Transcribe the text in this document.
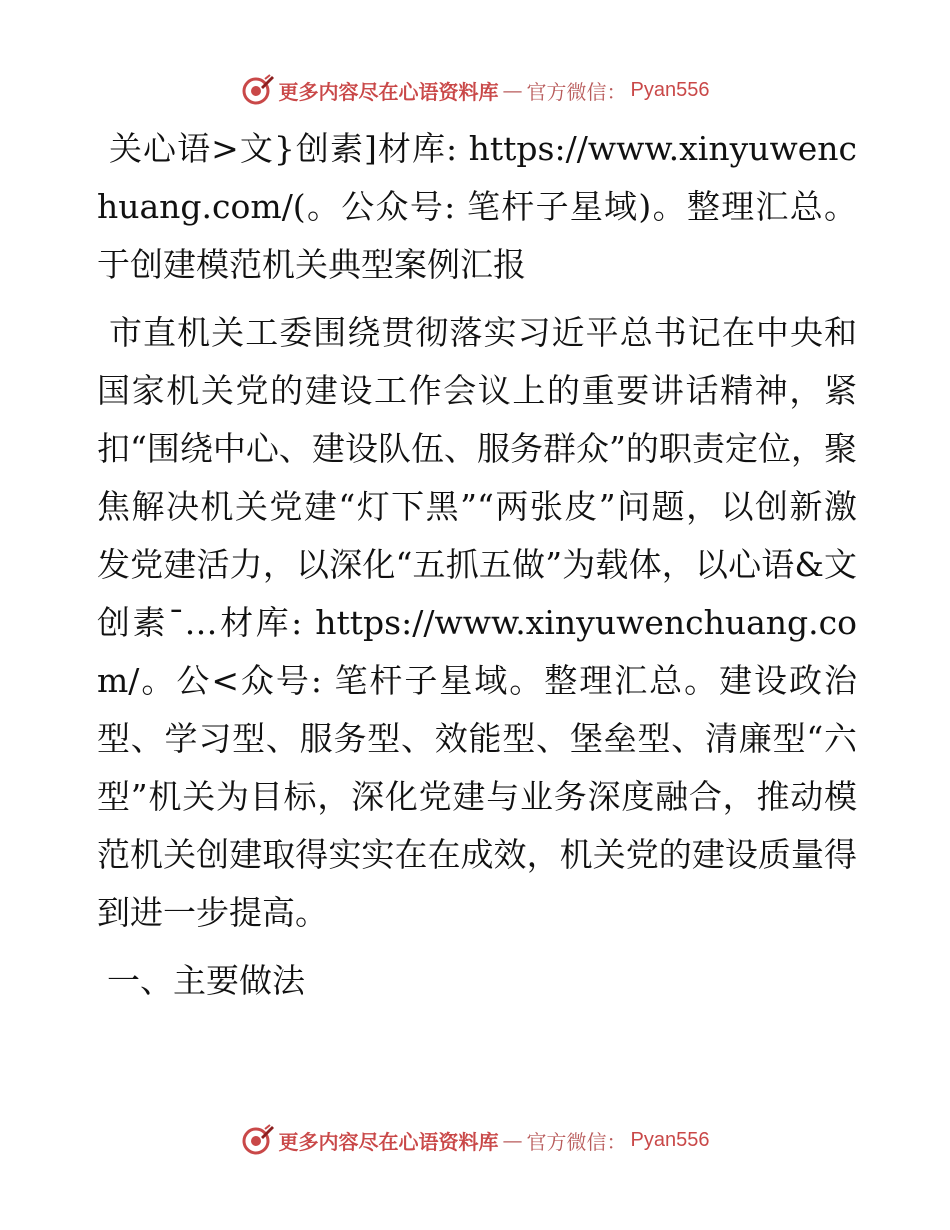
更多内容尽在心语资料库 — 官方微信： Pyan556

关心语>文}创素]材库: https://www.xinyuwenchuang.com/(。公众号: 笔杆子星域)。整理汇总。于创建模范机关典型案例汇报

市直机关工委围绕贯彻落实习近平总书记在中央和国家机关党的建设工作会议上的重要讲话精神，紧扣“围绕中心、建设队伍、服务群众”的职责定位，聚焦解决机关党建“灯下黑”“两张皮”问题，以创新激发党建活力，以深化“五抓五做”为载体，以心语&文创素¯…材库: https://www.xinyuwenchuang.com/。公<众号: 笔杆子星域。整理汇总。建设政治型、学习型、服务型、效能型、堡垒型、清廉型“六型”机关为目标，深化党建与业务深度融合，推动模范机关创建取得实实在在成效，机关党的建设质量得到进一步提高。

一、主要做法

更多内容尽在心语资料库 — 官方微信： Pyan556
